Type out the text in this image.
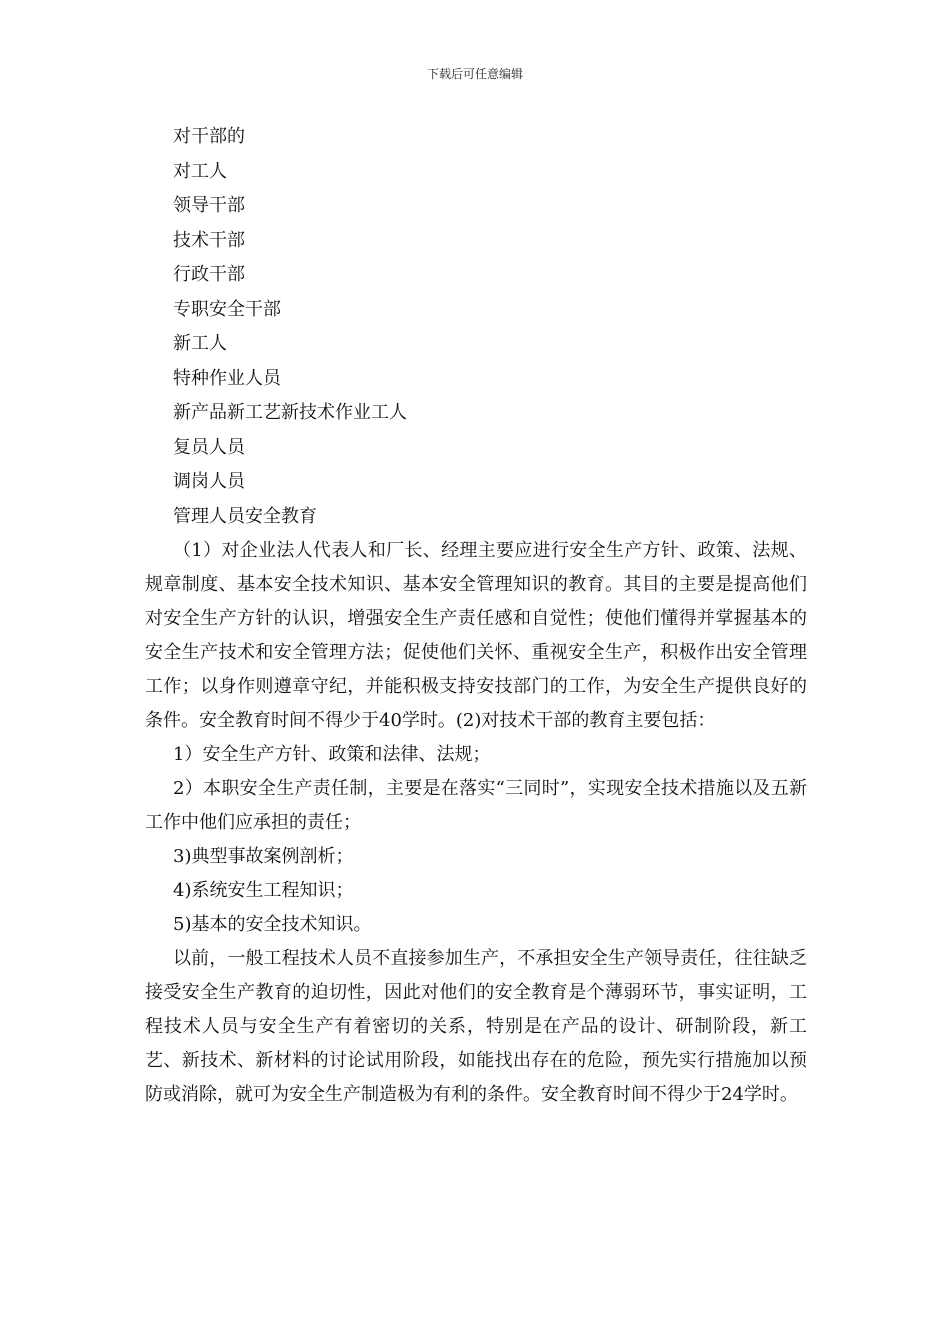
下载后可任意编辑
对干部的
对工人
领导干部
技术干部
行政干部
专职安全干部
新工人
特种作业人员
新产品新工艺新技术作业工人
复员人员
调岗人员
管理人员安全教育

（1）对企业法人代表人和厂长、经理主要应进行安全生产方针、政策、法规、规章制度、基本安全技术知识、基本安全管理知识的教育。其目的主要是提高他们对安全生产方针的认识，增强安全生产责任感和自觉性；使他们懂得并掌握基本的安全生产技术和安全管理方法；促使他们关怀、重视安全生产，积极作出安全管理工作；以身作则遵章守纪，并能积极支持安技部门的工作，为安全生产提供良好的条件。安全教育时间不得少于40学时。(2)对技术干部的教育主要包括：

1）安全生产方针、政策和法律、法规；

2）本职安全生产责任制，主要是在落实“三同时”，实现安全技术措施以及五新工作中他们应承担的责任；

3)典型事故案例剖析；

4)系统安生工程知识；

5)基本的安全技术知识。

以前，一般工程技术人员不直接参加生产，不承担安全生产领导责任，往往缺乏接受安全生产教育的迫切性，因此对他们的安全教育是个薄弱环节，事实证明，工程技术人员与安全生产有着密切的关系，特别是在产品的设计、研制阶段，新工艺、新技术、新材料的讨论试用阶段，如能找出存在的危险，预先实行措施加以预防或消除，就可为安全生产制造极为有利的条件。安全教育时间不得少于24学时。
